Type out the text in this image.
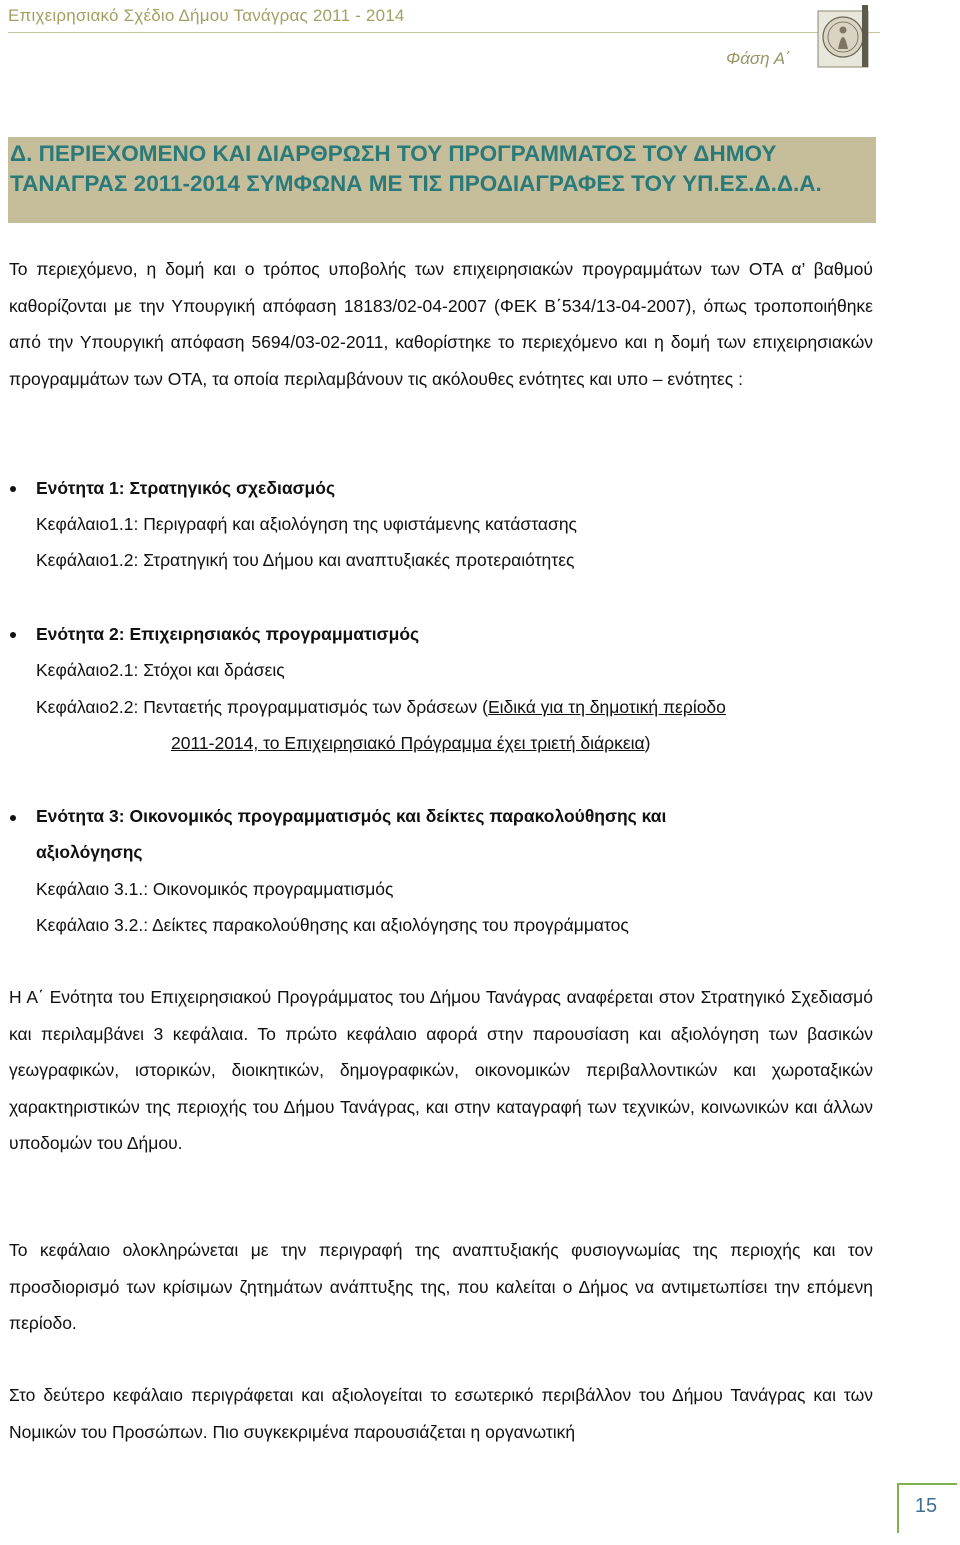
Επιχειρησιακό Σχέδιο Δήμου Τανάγρας 2011 - 2014
Φάση Α΄
Δ. ΠΕΡΙΕΧΟΜΕΝΟ ΚΑΙ ΔΙΑΡΘΡΩΣΗ ΤΟΥ ΠΡΟΓΡΑΜΜΑΤΟΣ ΤΟΥ ΔΗΜΟΥ ΤΑΝΑΓΡΑΣ 2011-2014 ΣΥΜΦΩΝΑ ΜΕ ΤΙΣ ΠΡΟΔΙΑΓΡΑΦΕΣ ΤΟΥ ΥΠ.ΕΣ.Δ.Δ.Α.

Το περιεχόμενο, η δομή και ο τρόπος υποβολής των επιχειρησιακών προγραμμάτων των ΟΤΑ α’ βαθμού καθορίζονται με την Υπουργική απόφαση 18183/02-04-2007 (ΦΕΚ Β΄534/13-04-2007), όπως τροποποιήθηκε από την Υπουργική απόφαση 5694/03-02-2011, καθορίστηκε το περιεχόμενο και η δομή των επιχειρησιακών προγραμμάτων των ΟΤΑ, τα οποία περιλαμβάνουν τις ακόλουθες ενότητες και υπο – ενότητες :

Ενότητα 1: Στρατηγικός σχεδιασμός
Κεφάλαιο1.1: Περιγραφή και αξιολόγηση της υφιστάμενης κατάστασης
Κεφάλαιο1.2: Στρατηγική του Δήμου και αναπτυξιακές προτεραιότητες
Ενότητα 2: Επιχειρησιακός προγραμματισμός
Κεφάλαιο2.1: Στόχοι και δράσεις
Κεφάλαιο2.2: Πενταετής προγραμματισμός των δράσεων (Ειδικά για τη δημοτική περίοδο
2011-2014, το Επιχειρησιακό Πρόγραμμα έχει τριετή διάρκεια)
Ενότητα 3: Οικονομικός προγραμματισμός και δείκτες παρακολούθησης και
αξιολόγησης
Κεφάλαιο 3.1.: Οικονομικός προγραμματισμός
Κεφάλαιο 3.2.: Δείκτες παρακολούθησης και αξιολόγησης του προγράμματος

Η Α΄ Ενότητα του Επιχειρησιακού Προγράμματος του Δήμου Τανάγρας αναφέρεται στον Στρατηγικό Σχεδιασμό και περιλαμβάνει 3 κεφάλαια. Το πρώτο κεφάλαιο αφορά στην παρουσίαση και αξιολόγηση των βασικών γεωγραφικών, ιστορικών, διοικητικών, δημογραφικών, οικονομικών περιβαλλοντικών και χωροταξικών χαρακτηριστικών της περιοχής του Δήμου Τανάγρας, και στην καταγραφή των τεχνικών, κοινωνικών και άλλων υποδομών του Δήμου.

Το κεφάλαιο ολοκληρώνεται με την περιγραφή της αναπτυξιακής φυσιογνωμίας της περιοχής και τον προσδιορισμό των κρίσιμων ζητημάτων ανάπτυξης της, που καλείται ο Δήμος να αντιμετωπίσει την επόμενη περίοδο.

Στο δεύτερο κεφάλαιο περιγράφεται και αξιολογείται το εσωτερικό περιβάλλον του Δήμου Τανάγρας και των Νομικών του Προσώπων. Πιο συγκεκριμένα παρουσιάζεται η οργανωτική

15
